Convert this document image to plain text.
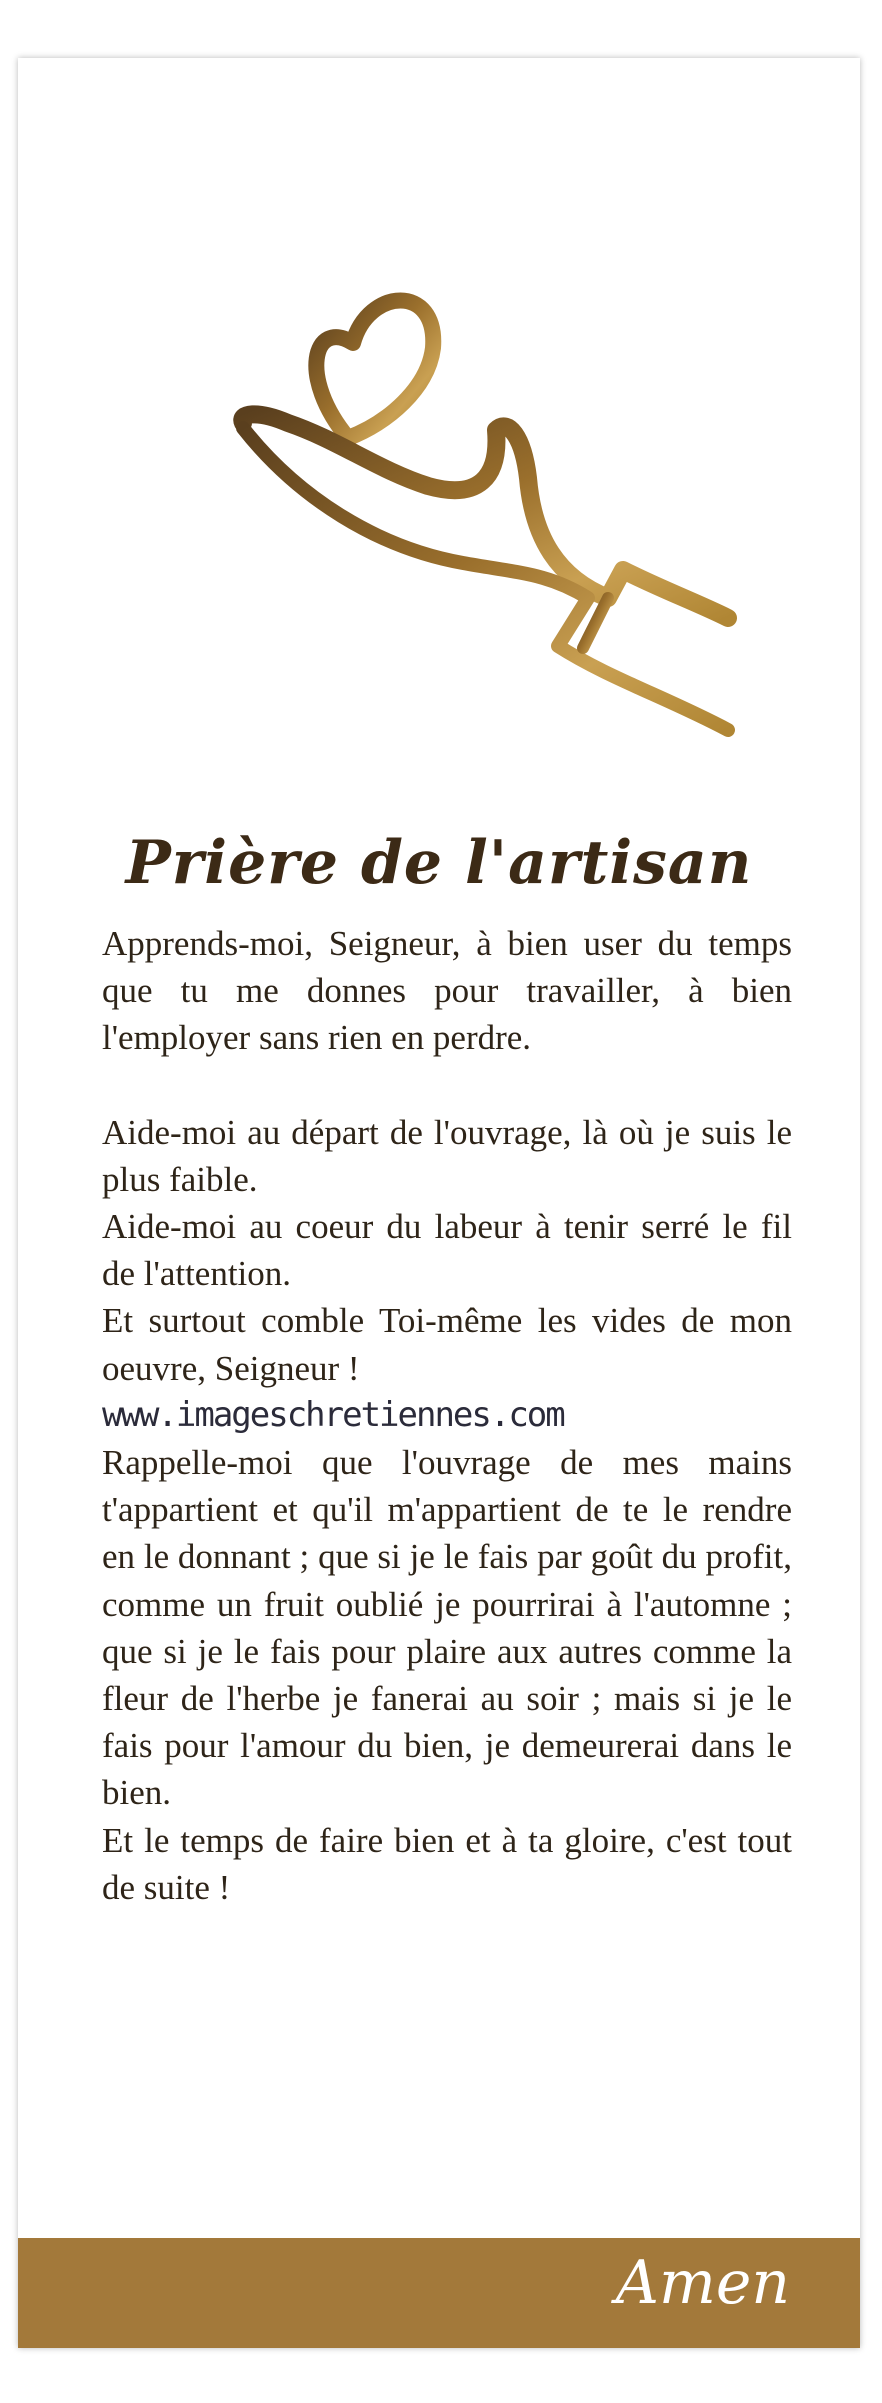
Prière de l'artisan

Apprends-moi, Seigneur, à bien user du temps que tu me donnes pour travailler, à bien l'employer sans rien en perdre.

Aide-moi au départ de l'ouvrage, là où je suis le plus faible.

Aide-moi au coeur du labeur à tenir serré le fil de l'attention.

Et surtout comble Toi-même les vides de mon oeuvre, Seigneur !

www.imageschretiennes.com

Rappelle-moi que l'ouvrage de mes mains t'appartient et qu'il m'appartient de te le rendre en le donnant ; que si je le fais par goût du profit, comme un fruit oublié je pourrirai à l'automne ; que si je le fais pour plaire aux autres comme la fleur de l'herbe je fanerai au soir ; mais si je le fais pour l'amour du bien, je demeurerai dans le bien.

Et le temps de faire bien et à ta gloire, c'est tout de suite !

Amen
